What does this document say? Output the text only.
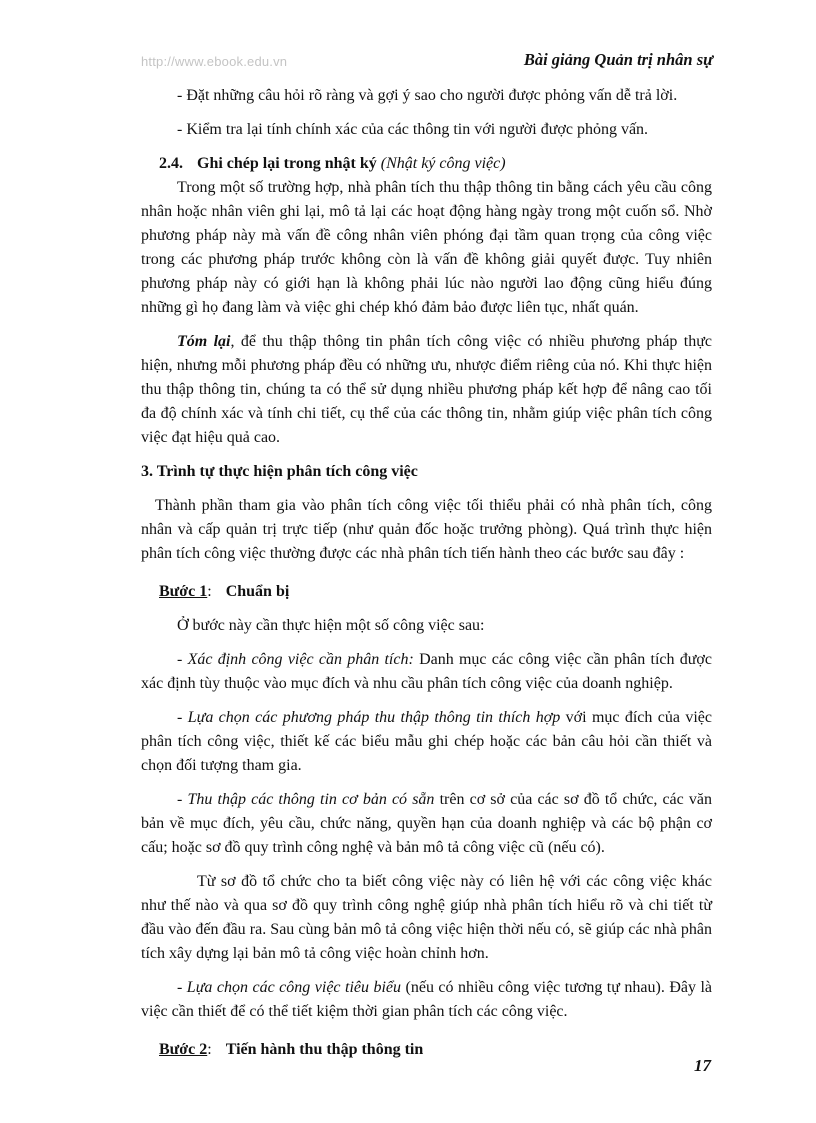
http://www.ebook.edu.vn	Bài giảng Quản trị nhân sự

- Đặt những câu hỏi rõ ràng và gợi ý sao cho người được phỏng vấn dễ trả lời.

- Kiểm tra lại tính chính xác của các thông tin với người được phỏng vấn.

2.4. Ghi chép lại trong nhật ký (Nhật ký công việc)

Trong một số trường hợp, nhà phân tích thu thập thông tin bằng cách yêu cầu công nhân hoặc nhân viên ghi lại, mô tả lại các hoạt động hàng ngày trong một cuốn sổ. Nhờ phương pháp này mà vấn đề công nhân viên phóng đại tầm quan trọng của công việc trong các phương pháp trước không còn là vấn đề không giải quyết được. Tuy nhiên phương pháp này có giới hạn là không phải lúc nào người lao động cũng hiểu đúng những gì họ đang làm và việc ghi chép khó đảm bảo được liên tục, nhất quán.

Tóm lại, để thu thập thông tin phân tích công việc có nhiều phương pháp thực hiện, nhưng mỗi phương pháp đều có những ưu, nhược điểm riêng của nó. Khi thực hiện thu thập thông tin, chúng ta có thể sử dụng nhiều phương pháp kết hợp để nâng cao tối đa độ chính xác và tính chi tiết, cụ thể của các thông tin, nhằm giúp việc phân tích công việc đạt hiệu quả cao.

3. Trình tự thực hiện phân tích công việc

Thành phần tham gia vào phân tích công việc tối thiểu phải có nhà phân tích, công nhân và cấp quản trị trực tiếp (như quản đốc hoặc trưởng phòng). Quá trình thực hiện phân tích công việc thường được các nhà phân tích tiến hành theo các bước sau đây :

Bước 1: Chuẩn bị

Ở bước này cần thực hiện một số công việc sau:

- Xác định công việc cần phân tích: Danh mục các công việc cần phân tích được xác định tùy thuộc vào mục đích và nhu cầu phân tích công việc của doanh nghiệp.

- Lựa chọn các phương pháp thu thập thông tin thích hợp với mục đích của việc phân tích công việc, thiết kế các biểu mẫu ghi chép hoặc các bản câu hỏi cần thiết và chọn đối tượng tham gia.

- Thu thập các thông tin cơ bản có sẵn trên cơ sở của các sơ đồ tổ chức, các văn bản về mục đích, yêu cầu, chức năng, quyền hạn của doanh nghiệp và các bộ phận cơ cấu; hoặc sơ đồ quy trình công nghệ và bản mô tả công việc cũ (nếu có).

Từ sơ đồ tổ chức cho ta biết công việc này có liên hệ với các công việc khác như thế nào và qua sơ đồ quy trình công nghệ giúp nhà phân tích hiểu rõ và chi tiết từ đầu vào đến đầu ra. Sau cùng bản mô tả công việc hiện thời nếu có, sẽ giúp các nhà phân tích xây dựng lại bản mô tả công việc hoàn chỉnh hơn.

- Lựa chọn các công việc tiêu biểu (nếu có nhiều công việc tương tự nhau). Đây là việc cần thiết để có thể tiết kiệm thời gian phân tích các công việc.

Bước 2: Tiến hành thu thập thông tin

17
